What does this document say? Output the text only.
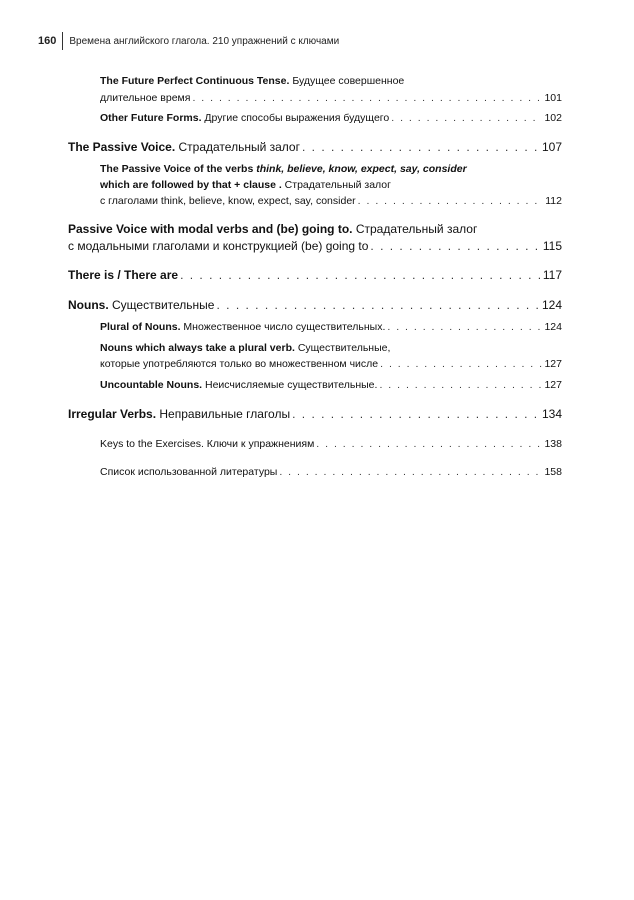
160	Времена английского глагола. 210 упражнений с ключами
The Future Perfect Continuous Tense. Будущее совершенное
длительное время . . .	101
Other Future Forms. Другие способы выражения будущего . . .	102
The Passive Voice. Страдательный залог . . .	107
The Passive Voice of the verbs think, believe, know, expect, say, consider
which are followed by that + clause . Страдательный залог
с глаголами think, believe, know, expect, say, consider . . .	112
Passive Voice with modal verbs and (be) going to. Страдательный залог
с модальными глаголами и конструкцией (be) going to . . .	115
There is / There are . . .	117
Nouns. Существительные . . .	124
Plural of Nouns. Множественное число существительных. . . .	124
Nouns which always take a plural verb. Существительные,
которые употребляются только во множественном числе . . .	127
Uncountable Nouns. Неисчисляемые существительные. . . .	127
Irregular Verbs. Неправильные глаголы . . .	134
Keys to the Exercises. Ключи к упражнениям . . .	138
Список использованной литературы . . .	158
